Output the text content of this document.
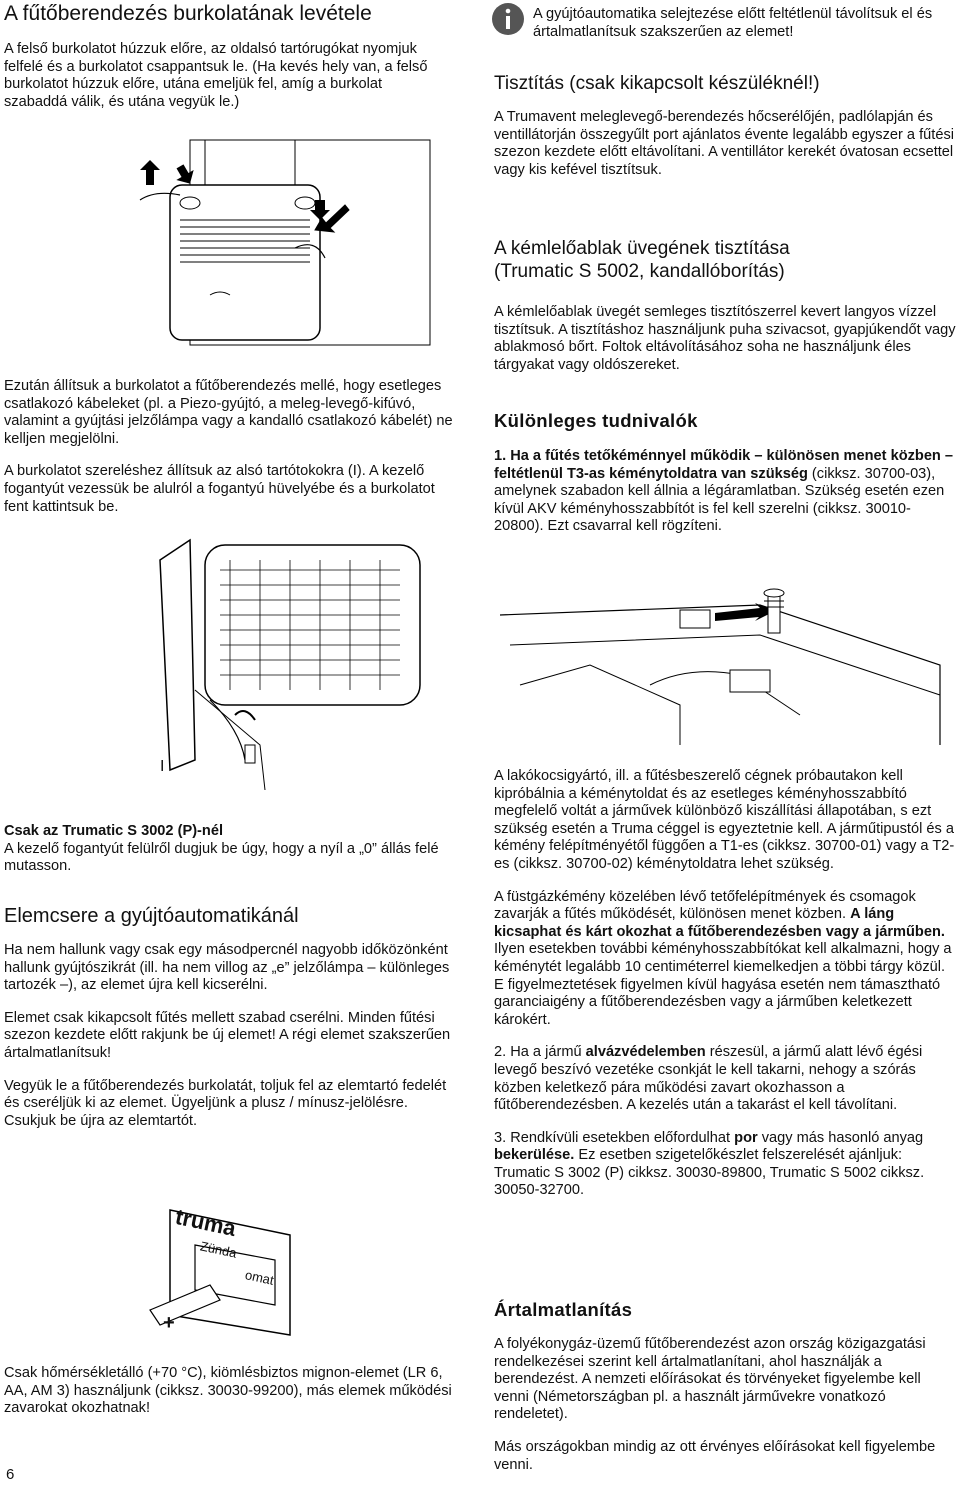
A fűtőberendezés burkolatának levétele

A felső burkolatot húzzuk előre, az oldalsó tartórugókat nyomjuk felfelé és a burkolatot csappantsuk le. (Ha kevés hely van, a felső burkolatot húzzuk előre, utána emeljük fel, amíg a burkolat szabaddá válik, és utána vegyük le.)

Ezután állítsuk a burkolatot a fűtőberendezés mellé, hogy esetleges csatlakozó kábeleket (pl. a Piezo-gyújtó, a meleg-levegő-kifúvó, valamint a gyújtási jelzőlámpa vagy a kandalló csatlakozó kábelét) ne kelljen megjelölni.

A burkolatot szereléshez állítsuk az alsó tartótokokra (I). A kezelő fogantyút vezessük be alulról a fogantyú hüvelyébe és a burkolatot fent kattintsuk be.

I

Csak az Trumatic S 3002 (P)-nél

A kezelő fogantyút felülről dugjuk be úgy, hogy a nyíl a „0” állás felé mutasson.

Elemcsere a gyújtóautomatikánál

Ha nem hallunk vagy csak egy másodpercnél nagyobb időközönként hallunk gyújtószikrát (ill. ha nem villog az „e” jelzőlámpa – különleges tartozék –), az elemet újra kell kicserélni.

Elemet csak kikapcsolt fűtés mellett szabad cserélni. Minden fűtési szezon kezdete előtt rakjunk be új elemet! A régi elemet szakszerűen ártalmatlanítsuk!

Vegyük le a fűtőberendezés burkolatát, toljuk fel az elemtartó fedelét és cseréljük ki az elemet. Ügyeljünk a plusz / mínusz-jelölésre. Csukjuk be újra az elemtartót.

truma
Zünda
omat
+

Csak hőmérsékletálló (+70 °C), kiömlésbiztos mignon-elemet (LR 6, AA, AM 3) használjunk (cikksz. 30030-99200), más elemek működési zavarokat okozhatnak!

6

A gyújtóautomatika selejtezése előtt feltétlenül távolítsuk el és ártalmatlanítsuk szakszerűen az elemet!

Tisztítás (csak kikapcsolt készüléknél!)

A Trumavent meleglevegő-berendezés hőcserélőjén, padlólapján és ventillátorján összegyűlt port ajánlatos évente legalább egyszer a fűtési szezon kezdete előtt eltávolítani. A ventillátor kerekét óvatosan ecsettel vagy kis kefével tisztítsuk.

A kémlelőablak üvegének tisztítása
(Trumatic S 5002, kandallóborítás)

A kémlelőablak üvegét semleges tisztítószerrel kevert langyos vízzel tisztítsuk. A tisztításhoz használjunk puha szivacsot, gyapjúkendőt vagy ablakmosó bőrt. Foltok eltávolításához soha ne használjunk éles tárgyakat vagy oldószereket.

Különleges tudnivalók

1. Ha a fűtés tetőkéménnyel működik – különösen menet közben – feltétlenül T3-as kéménytoldatra van szükség (cikksz. 30700-03), amelynek szabadon kell állnia a légáramlatban. Szükség esetén ezen kívül AKV kéményhosszabbítót is fel kell szerelni (cikksz. 30010-20800). Ezt csavarral kell rögzíteni.

A lakókocsigyártó, ill. a fűtésbeszerelő cégnek próbautakon kell kipróbálnia a kéménytoldat és az esetleges kéményhosszabbító megfelelő voltát a járművek különböző kiszállítási állapotában, s ezt szükség esetén a Truma céggel is egyeztetnie kell. A járműtipustól és a kémény felépítményétől függően a T1-es (cikksz. 30700-01) vagy a T2-es (cikksz. 30700-02) kéménytoldatra lehet szükség.

A füstgázkémény közelében lévő tetőfelépítmények és csomagok zavarják a fűtés működését, különösen menet közben. A láng kicsaphat és kárt okozhat a fűtőberendezésben vagy a járműben. Ilyen esetekben további kéményhosszabbítókat kell alkalmazni, hogy a kéménytét legalább 10 centiméterrel kiemelkedjen a többi tárgy közül. E figyelmeztetések figyelmen kívül hagyása esetén nem támasztható garanciaigény a fűtőberendezésben vagy a járműben keletkezett károkért.

2. Ha a jármű alvázvédelemben részesül, a jármű alatt lévő égési levegő beszívó vezetéke csonkját le kell takarni, nehogy a szórás közben keletkező pára működési zavart okozhasson a fűtőberendezésben. A kezelés után a takarást el kell távolítani.

3. Rendkívüli esetekben előfordulhat por vagy más hasonló anyag bekerülése. Ez esetben szigetelőkészlet felszerelését ajánljuk: Trumatic S 3002 (P) cikksz. 30030-89800, Trumatic S 5002 cikksz. 30050-32700.

Ártalmatlanítás

A folyékonygáz-üzemű fűtőberendezést azon ország közigazgatási rendelkezései szerint kell ártalmatlanítani, ahol használják a berendezést. A nemzeti előírásokat és törvényeket figyelembe kell venni (Németországban pl. a használt járművekre vonatkozó rendeletet).

Más országokban mindig az ott érvényes előírásokat kell figyelembe venni.
